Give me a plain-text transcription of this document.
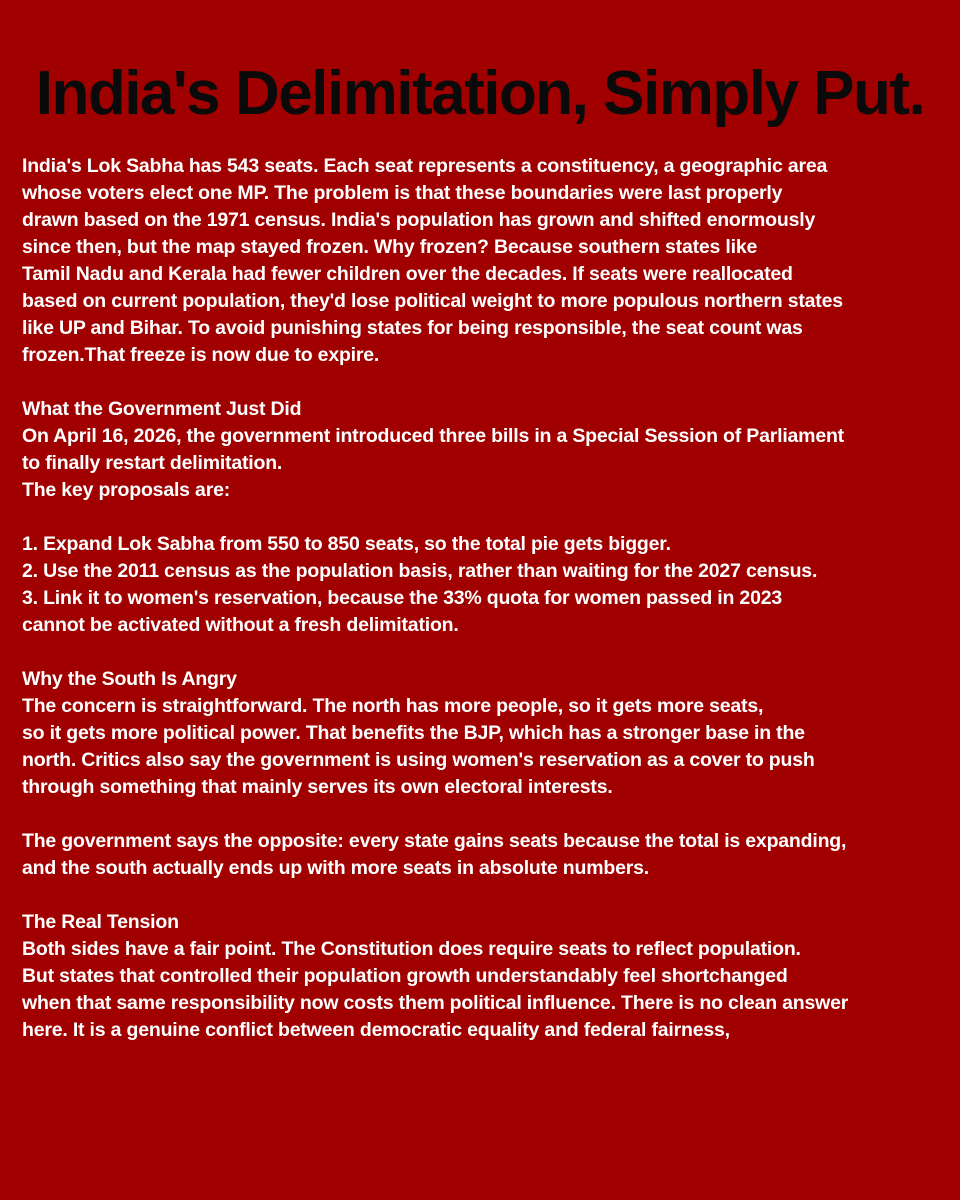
India's Delimitation, Simply Put.
India's Lok Sabha has 543 seats. Each seat represents a constituency, a geographic area
whose voters elect one MP. The problem is that these boundaries were last properly
drawn based on the 1971 census. India's population has grown and shifted enormously
since then, but the map stayed frozen. Why frozen? Because southern states like
Tamil Nadu and Kerala had fewer children over the decades. If seats were reallocated
based on current population, they'd lose political weight to more populous northern states
like UP and Bihar. To avoid punishing states for being responsible, the seat count was
frozen.That freeze is now due to expire.
What the Government Just Did
On April 16, 2026, the government introduced three bills in a Special Session of Parliament
to finally restart delimitation.
The key proposals are:
1. Expand Lok Sabha from 550 to 850 seats, so the total pie gets bigger.
2. Use the 2011 census as the population basis, rather than waiting for the 2027 census.
3. Link it to women's reservation, because the 33% quota for women passed in 2023
cannot be activated without a fresh delimitation.
Why the South Is Angry
The concern is straightforward. The north has more people, so it gets more seats,
so it gets more political power. That benefits the BJP, which has a stronger base in the
north. Critics also say the government is using women's reservation as a cover to push
through something that mainly serves its own electoral interests.
The government says the opposite: every state gains seats because the total is expanding,
and the south actually ends up with more seats in absolute numbers.
The Real Tension
Both sides have a fair point. The Constitution does require seats to reflect population.
But states that controlled their population growth understandably feel shortchanged
when that same responsibility now costs them political influence. There is no clean answer
here. It is a genuine conflict between democratic equality and federal fairness,
